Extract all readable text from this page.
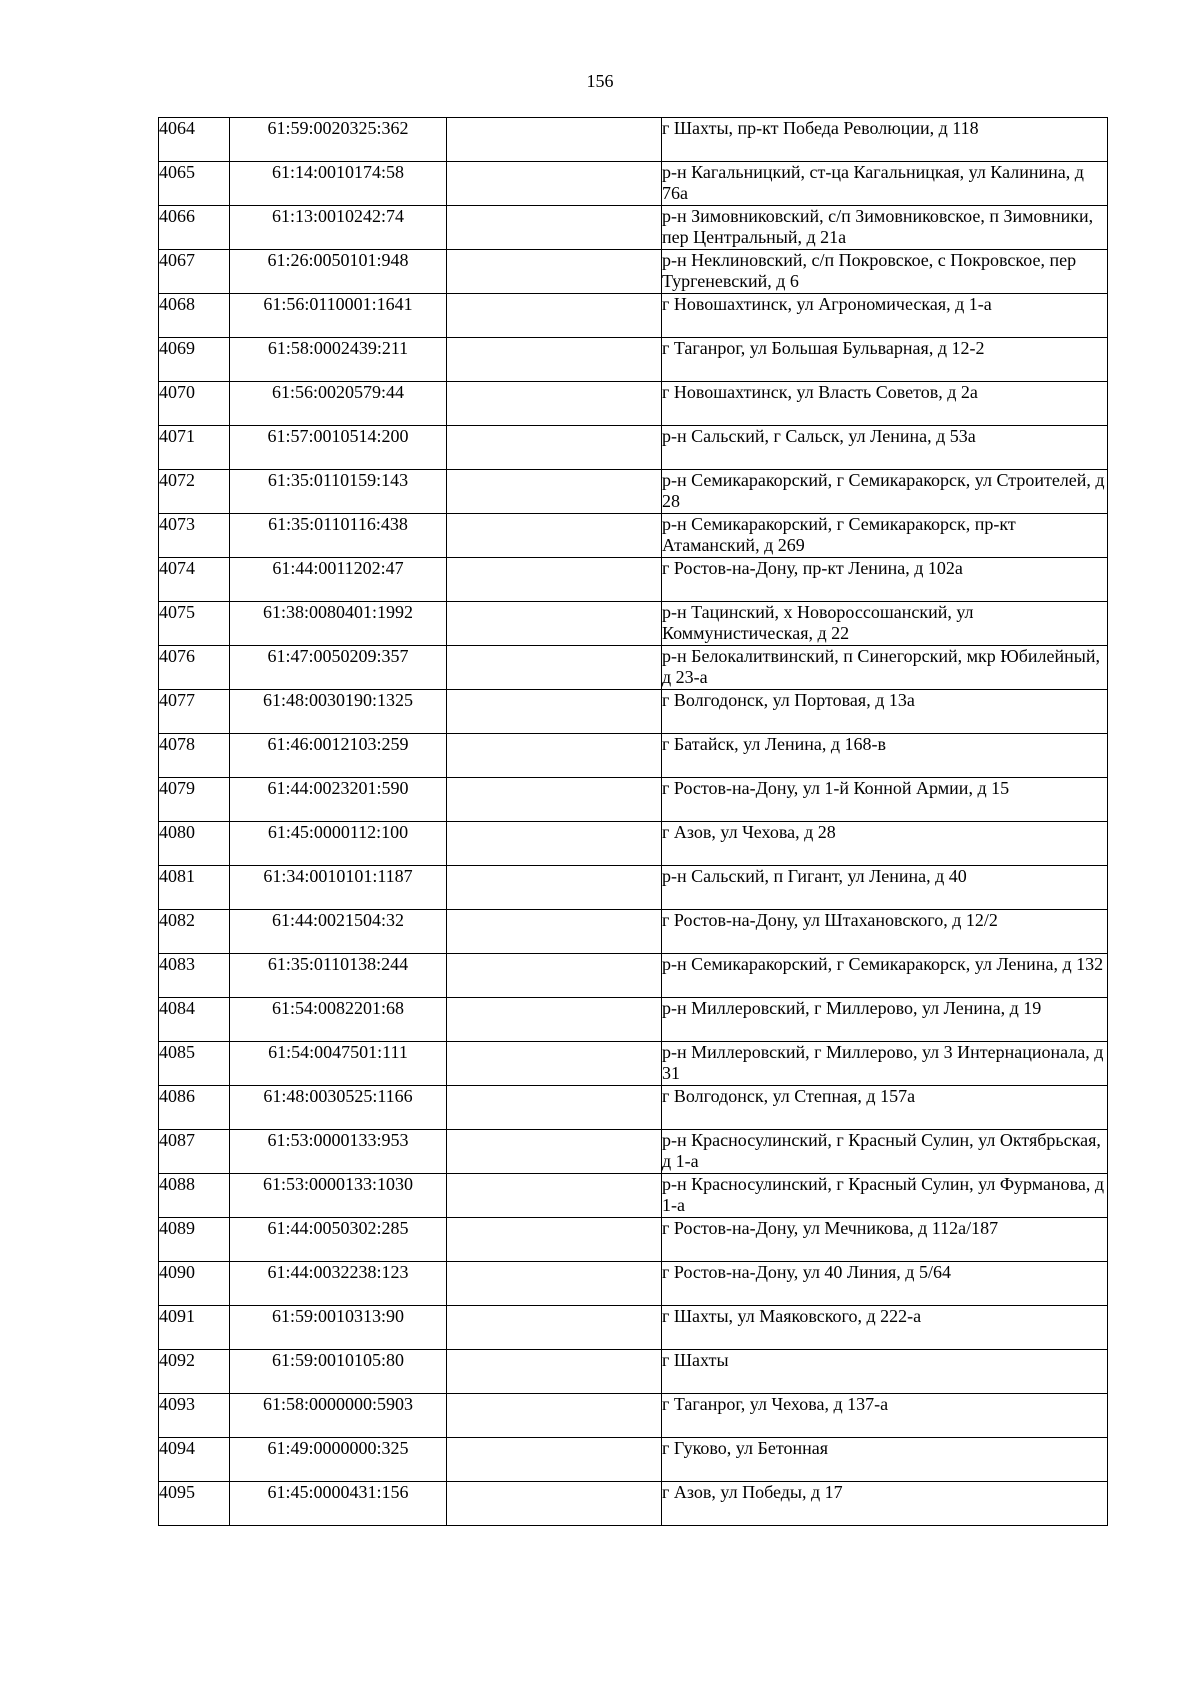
156
4064	61:59:0020325:362		г Шахты, пр-кт Победа Революции, д 118
4065	61:14:0010174:58		р-н Кагальницкий, ст-ца Кагальницкая, ул Калинина, д 76а
4066	61:13:0010242:74		р-н Зимовниковский, с/п Зимовниковское, п Зимовники, пер Центральный, д 21а
4067	61:26:0050101:948		р-н Неклиновский, с/п Покровское, с Покровское, пер Тургеневский, д 6
4068	61:56:0110001:1641		г Новошахтинск, ул Агрономическая, д 1-а
4069	61:58:0002439:211		г Таганрог, ул Большая Бульварная, д 12-2
4070	61:56:0020579:44		г Новошахтинск, ул Власть Советов, д 2а
4071	61:57:0010514:200		р-н Сальский, г Сальск, ул Ленина, д 53а
4072	61:35:0110159:143		р-н Семикаракорский, г Семикаракорск, ул Строителей, д 28
4073	61:35:0110116:438		р-н Семикаракорский, г Семикаракорск, пр-кт Атаманский, д 269
4074	61:44:0011202:47		г Ростов-на-Дону, пр-кт Ленина, д 102а
4075	61:38:0080401:1992		р-н Тацинский, х Новороссошанский, ул Коммунистическая, д 22
4076	61:47:0050209:357		р-н Белокалитвинский, п Синегорский, мкр Юбилейный, д 23-а
4077	61:48:0030190:1325		г Волгодонск, ул Портовая, д 13а
4078	61:46:0012103:259		г Батайск, ул Ленина, д 168-в
4079	61:44:0023201:590		г Ростов-на-Дону, ул 1-й Конной Армии, д 15
4080	61:45:0000112:100		г Азов, ул Чехова, д 28
4081	61:34:0010101:1187		р-н Сальский, п Гигант, ул Ленина, д 40
4082	61:44:0021504:32		г Ростов-на-Дону, ул Штахановского, д 12/2
4083	61:35:0110138:244		р-н Семикаракорский, г Семикаракорск, ул Ленина, д 132
4084	61:54:0082201:68		р-н Миллеровский, г Миллерово, ул Ленина, д 19
4085	61:54:0047501:111		р-н Миллеровский, г Миллерово, ул 3 Интернационала, д 31
4086	61:48:0030525:1166		г Волгодонск, ул Степная, д 157а
4087	61:53:0000133:953		р-н Красносулинский, г Красный Сулин, ул Октябрьская, д 1-а
4088	61:53:0000133:1030		р-н Красносулинский, г Красный Сулин, ул Фурманова, д 1-а
4089	61:44:0050302:285		г Ростов-на-Дону, ул Мечникова, д 112а/187
4090	61:44:0032238:123		г Ростов-на-Дону, ул 40 Линия, д 5/64
4091	61:59:0010313:90		г Шахты, ул Маяковского, д 222-а
4092	61:59:0010105:80		г Шахты
4093	61:58:0000000:5903		г Таганрог, ул Чехова, д 137-а
4094	61:49:0000000:325		г Гуково, ул Бетонная
4095	61:45:0000431:156		г Азов, ул Победы, д 17
